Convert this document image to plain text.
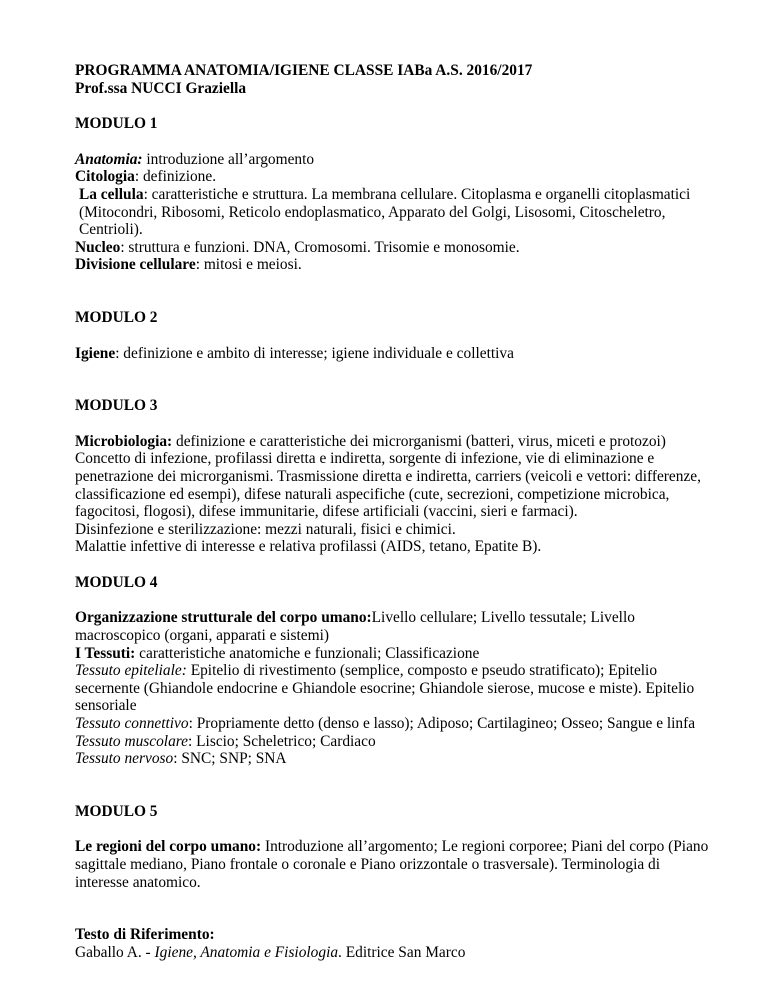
PROGRAMMA ANATOMIA/IGIENE CLASSE IABa A.S. 2016/2017

Prof.ssa NUCCI Graziella

MODULO 1

Anatomia: introduzione all’argomento

Citologia: definizione.

La cellula: caratteristiche e struttura. La membrana cellulare. Citoplasma e organelli citoplasmatici (Mitocondri, Ribosomi, Reticolo endoplasmatico, Apparato del Golgi, Lisosomi, Citoscheletro, Centrioli).

Nucleo: struttura e funzioni. DNA, Cromosomi. Trisomie e monosomie.

Divisione cellulare: mitosi e meiosi.

MODULO 2

Igiene: definizione e ambito di interesse; igiene individuale e collettiva

MODULO 3

Microbiologia: definizione e caratteristiche dei microrganismi (batteri, virus, miceti e protozoi) Concetto di infezione, profilassi diretta e indiretta, sorgente di infezione, vie di eliminazione e penetrazione dei microrganismi. Trasmissione diretta e indiretta, carriers (veicoli e vettori: differenze, classificazione ed esempi), difese naturali aspecifiche (cute, secrezioni, competizione microbica, fagocitosi, flogosi), difese immunitarie, difese artificiali (vaccini, sieri e farmaci).

Disinfezione e sterilizzazione: mezzi naturali, fisici e chimici.

Malattie infettive di interesse e relativa profilassi (AIDS, tetano, Epatite B).

MODULO 4

Organizzazione strutturale del corpo umano:Livello cellulare; Livello tessutale; Livello macroscopico (organi, apparati e sistemi)

I Tessuti: caratteristiche anatomiche e funzionali; Classificazione

Tessuto epiteliale: Epitelio di rivestimento (semplice, composto e pseudo stratificato); Epitelio secernente (Ghiandole endocrine e Ghiandole esocrine; Ghiandole sierose, mucose e miste). Epitelio sensoriale

Tessuto connettivo: Propriamente detto (denso e lasso); Adiposo; Cartilagineo; Osseo; Sangue e linfa

Tessuto muscolare: Liscio; Scheletrico; Cardiaco

Tessuto nervoso: SNC; SNP; SNA

MODULO 5

Le regioni del corpo umano: Introduzione all’argomento; Le regioni corporee; Piani del corpo (Piano sagittale mediano, Piano frontale o coronale e Piano orizzontale o trasversale). Terminologia di interesse anatomico.

Testo di Riferimento:

Gaballo A. - Igiene, Anatomia e Fisiologia. Editrice San Marco
